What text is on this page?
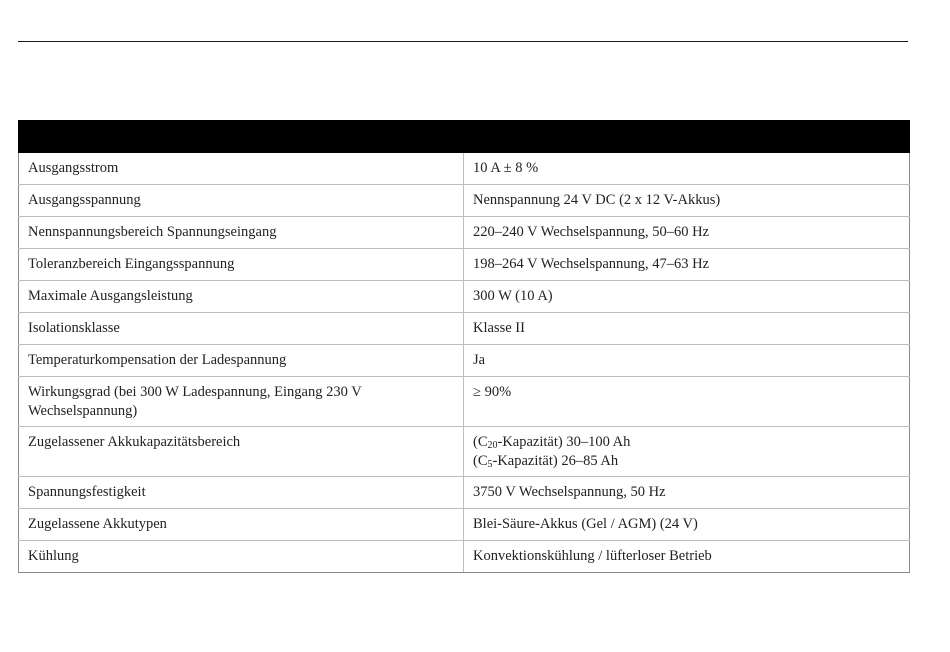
Ausgangsstrom	10 A ± 8 %
Ausgangsspannung	Nennspannung 24 V DC (2 x 12 V-Akkus)
Nennspannungsbereich Spannungseingang	220–240 V Wechselspannung, 50–60 Hz
Toleranzbereich Eingangsspannung	198–264 V Wechselspannung, 47–63 Hz
Maximale Ausgangsleistung	300 W (10 A)
Isolationsklasse	Klasse II
Temperaturkompensation der Ladespannung	Ja
Wirkungsgrad (bei 300 W Ladespannung, Eingang 230 V Wechselspannung)	≥ 90%
Zugelassener Akkukapazitätsbereich	$(C_{20}-Kapazität)$ 30–100 Ah
$(C_5-Kapazität)$ 26–85 Ah

Spannungsfestigkeit	3750 V Wechselspannung, 50 Hz
Zugelassene Akkutypen	Blei-Säure-Akkus (Gel / AGM) (24 V)
Kühlung	Konvektionskühlung / lüfterloser Betrieb
